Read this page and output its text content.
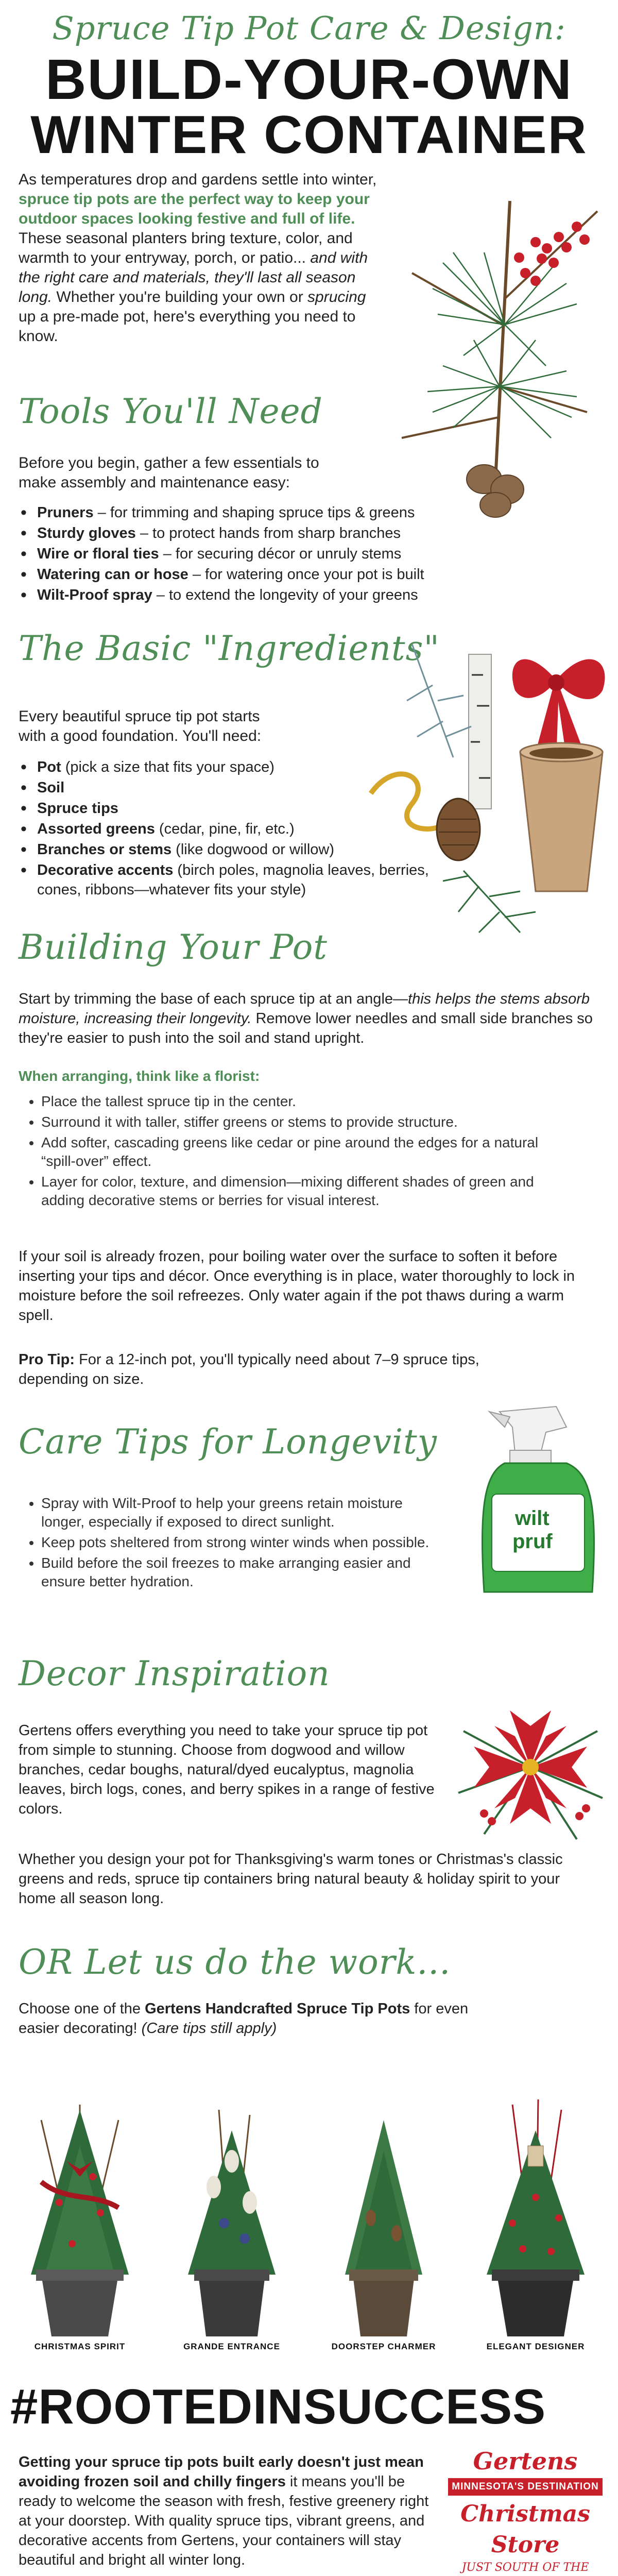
Spruce Tip Pot Care & Design:
BUILD-YOUR-OWN
WINTER CONTAINER

As temperatures drop and gardens settle into winter, spruce tip pots are the perfect way to keep your outdoor spaces looking festive and full of life. These seasonal planters bring texture, color, and warmth to your entryway, porch, or patio... and with the right care and materials, they'll last all season long. Whether you're building your own or sprucing up a pre-made pot, here's everything you need to know.

Tools You'll Need

Before you begin, gather a few essentials to make assembly and maintenance easy:

• Pruners – for trimming and shaping spruce tips & greens
• Sturdy gloves – to protect hands from sharp branches
• Wire or floral ties – for securing décor or unruly stems
• Watering can or hose – for watering once your pot is built
• Wilt-Proof spray – to extend the longevity of your greens
The Basic "Ingredients"

Every beautiful spruce tip pot starts with a good foundation. You'll need:

• Pot (pick a size that fits your space)
• Soil
• Spruce tips
• Assorted greens (cedar, pine, fir, etc.)
• Branches or stems (like dogwood or willow)
• Decorative accents (birch poles, magnolia leaves, berries, cones, ribbons—whatever fits your style)
Building Your Pot

Start by trimming the base of each spruce tip at an angle—this helps the stems absorb moisture, increasing their longevity. Remove lower needles and small side branches so they're easier to push into the soil and stand upright.

When arranging, think like a florist:

• Place the tallest spruce tip in the center.
• Surround it with taller, stiffer greens or stems to provide structure.
• Add softer, cascading greens like cedar or pine around the edges for a natural “spill-over” effect.
• Layer for color, texture, and dimension—mixing different shades of green and adding decorative stems or berries for visual interest.

If your soil is already frozen, pour boiling water over the surface to soften it before inserting your tips and décor. Once everything is in place, water thoroughly to lock in moisture before the soil refreezes. Only water again if the pot thaws during a warm spell.

Pro Tip: For a 12-inch pot, you'll typically need about 7–9 spruce tips, depending on size.

Care Tips for Longevity
• Spray with Wilt-Proof to help your greens retain moisture longer, especially if exposed to direct sunlight.
• Keep pots sheltered from strong winter winds when possible.
• Build before the soil freezes to make arranging easier and ensure better hydration.
wilt
pruf
Decor Inspiration

Gertens offers everything you need to take your spruce tip pot from simple to stunning. Choose from dogwood and willow branches, cedar boughs, natural/dyed eucalyptus, magnolia leaves, birch logs, cones, and berry spikes in a range of festive colors.

Whether you design your pot for Thanksgiving's warm tones or Christmas's classic greens and reds, spruce tip containers bring natural beauty & holiday spirit to your home all season long.

OR Let us do the work...

Choose one of the Gertens Handcrafted Spruce Tip Pots for even easier decorating! (Care tips still apply)

CHRISTMAS SPIRIT	GRANDE ENTRANCE	DOORSTEP CHARMER	ELEGANT DESIGNER
#ROOTEDINSUCCESS

Getting your spruce tip pots built early doesn't just mean avoiding frozen soil and chilly fingers it means you'll be ready to welcome the season with fresh, festive greenery right at your doorstep. With quality spruce tips, vibrant greens, and decorative accents from Gertens, your containers will stay beautiful and bright all winter long.

Gertens
MINNESOTA'S DESTINATION
Christmas Store
JUST SOUTH OF THE
